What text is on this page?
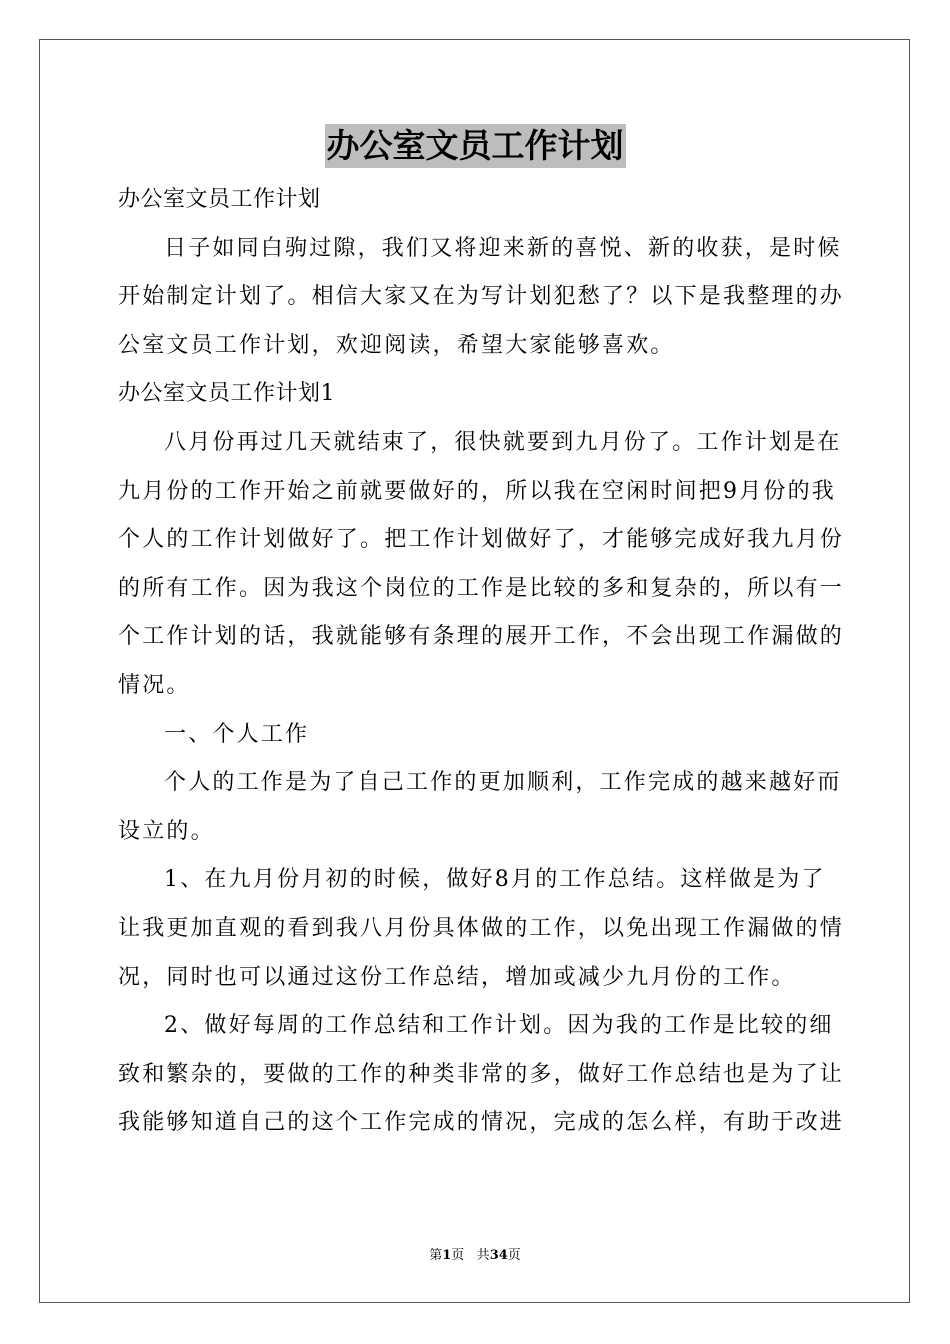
办公室文员工作计划
办公室文员工作计划
日子如同白驹过隙，我们又将迎来新的喜悦、新的收获，是时候
开始制定计划了。相信大家又在为写计划犯愁了？以下是我整理的办
公室文员工作计划，欢迎阅读，希望大家能够喜欢。
办公室文员工作计划1
八月份再过几天就结束了，很快就要到九月份了。工作计划是在
九月份的工作开始之前就要做好的，所以我在空闲时间把9月份的我
个人的工作计划做好了。把工作计划做好了，才能够完成好我九月份
的所有工作。因为我这个岗位的工作是比较的多和复杂的，所以有一
个工作计划的话，我就能够有条理的展开工作，不会出现工作漏做的
情况。
一、个人工作
个人的工作是为了自己工作的更加顺利，工作完成的越来越好而
设立的。
1、在九月份月初的时候，做好8月的工作总结。这样做是为了
让我更加直观的看到我八月份具体做的工作，以免出现工作漏做的情
况，同时也可以通过这份工作总结，增加或减少九月份的工作。
2、做好每周的工作总结和工作计划。因为我的工作是比较的细
致和繁杂的，要做的工作的种类非常的多，做好工作总结也是为了让
我能够知道自己的这个工作完成的情况，完成的怎么样，有助于改进
第1页 共34页
